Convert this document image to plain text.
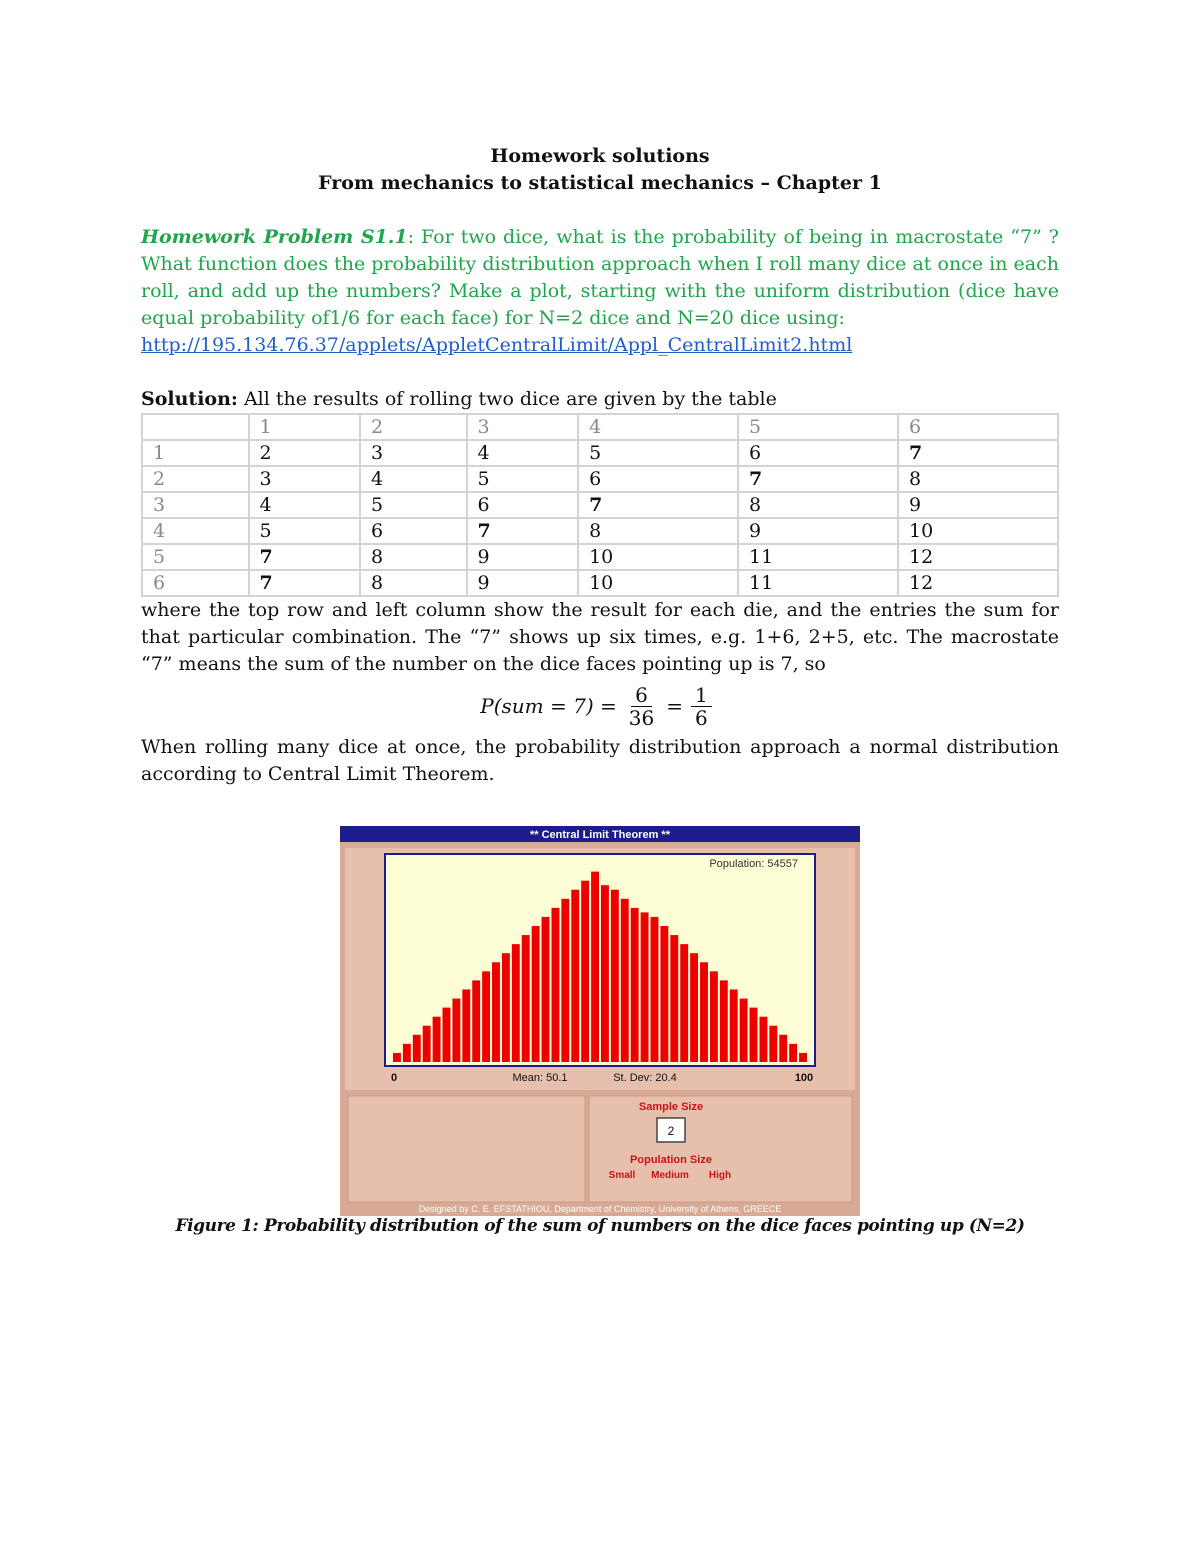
Homework solutions
From mechanics to statistical mechanics – Chapter 1
Homework Problem S1.1: For two dice, what is the probability of being in macrostate “7” ? What function does the probability distribution approach when I roll many dice at once in each roll, and add up the numbers? Make a plot, starting with the uniform distribution (dice have equal probability of1/6 for each face) for N=2 dice and N=20 dice using:
http://195.134.76.37/applets/AppletCentralLimit/Appl_CentralLimit2.html
Solution: All the results of rolling two dice are given by the table
	1	2	3	4	5	6
1	2	3	4	5	6	7
2	3	4	5	6	7	8
3	4	5	6	7	8	9
4	5	6	7	8	9	10
5	7	8	9	10	11	12
6	7	8	9	10	11	12
where the top row and left column show the result for each die, and the entries the sum for that particular combination. The “7” shows up six times, e.g. 1+6, 2+5, etc. The macrostate “7” means the sum of the number on the dice faces pointing up is 7, so
$P(sum = 7) = \frac{6}{36} = \frac{1}{6}$
When rolling many dice at once, the probability distribution approach a normal distribution according to Central Limit Theorem.
** Central Limit Theorem **
Population: 54557
0	Mean: 50.1	St. Dev: 20.4	100
Sample Size
2
Population Size
Small Medium High
Designed by C. E. EFSTATHIOU, Department of Chemistry, University of Athens, GREECE
Figure 1: Probability distribution of the sum of numbers on the dice faces pointing up (N=2)
